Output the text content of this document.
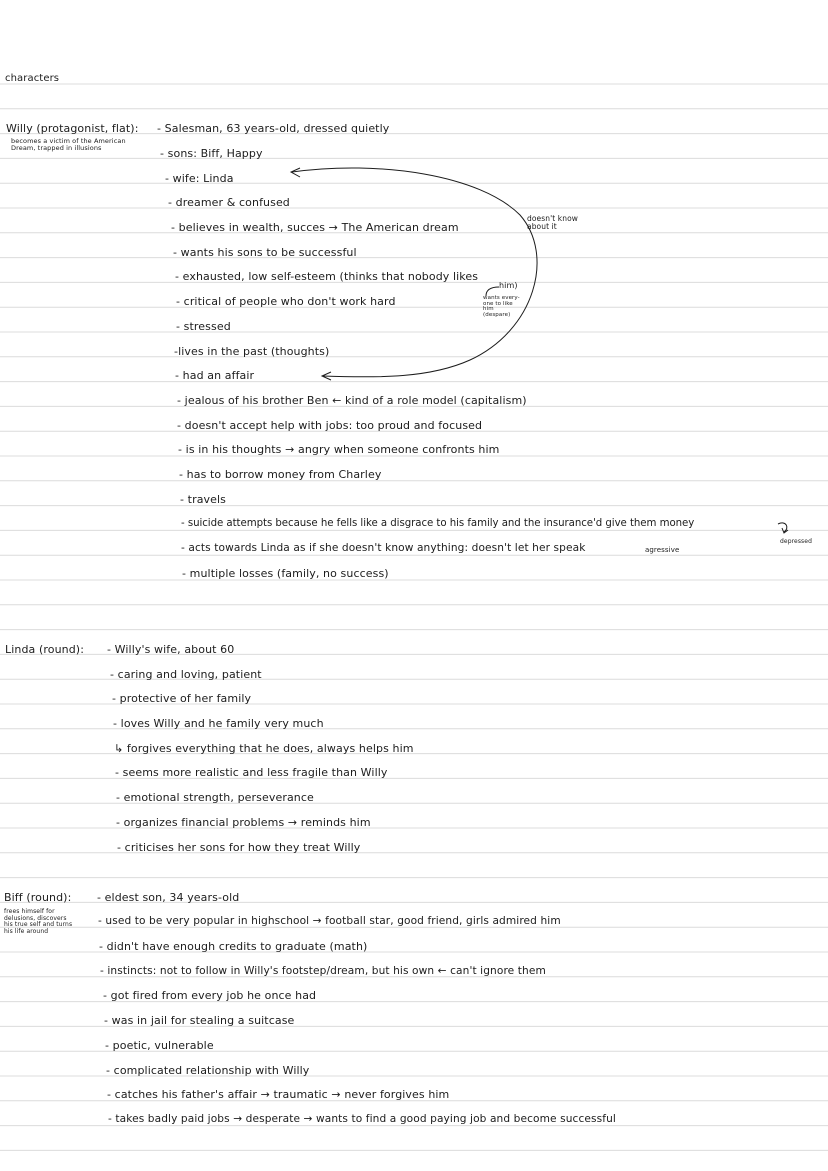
characters
Willy (protagonist, flat):
becomes a victim of the American
Dream, trapped in illusions
- Salesman, 63 years-old, dressed quietly
- sons: Biff, Happy
- wife: Linda
- dreamer & confused
- believes in wealth, succes → The American dream
- wants his sons to be successful
- exhausted, low self-esteem (thinks that nobody likes
him)
- critical of people who don't work hard
- stressed
-lives in the past (thoughts)
- had an affair
- jealous of his brother Ben ← kind of a role model (capitalism)
- doesn't accept help with jobs: too proud and focused
- is in his thoughts → angry when someone confronts him
- has to borrow money from Charley
- travels
- suicide attempts because he fells like a disgrace to his family and the insurance'd give them money
- acts towards Linda as if she doesn't know anything: doesn't let her speak	agressive
- multiple losses (family, no success)
doesn't know
about it
wants every-
one to like
him
(despare)
depressed
Linda (round): - Willy's wife, about 60
- caring and loving, patient
- protective of her family
- loves Willy and he family very much
↳ forgives everything that he does, always helps him
- seems more realistic and less fragile than Willy
- emotional strength, perseverance
- organizes financial problems → reminds him
- criticises her sons for how they treat Willy
Biff (round):
frees himself for
delusions, discovers
his true self and turns
his life around
- eldest son, 34 years-old
- used to be very popular in highschool → football star, good friend, girls admired him
- didn't have enough credits to graduate (math)
- instincts: not to follow in Willy's footstep/dream, but his own ← can't ignore them
- got fired from every job he once had
- was in jail for stealing a suitcase
- poetic, vulnerable
- complicated relationship with Willy
- catches his father's affair → traumatic → never forgives him
- takes badly paid jobs → desperate → wants to find a good paying job and become successful
